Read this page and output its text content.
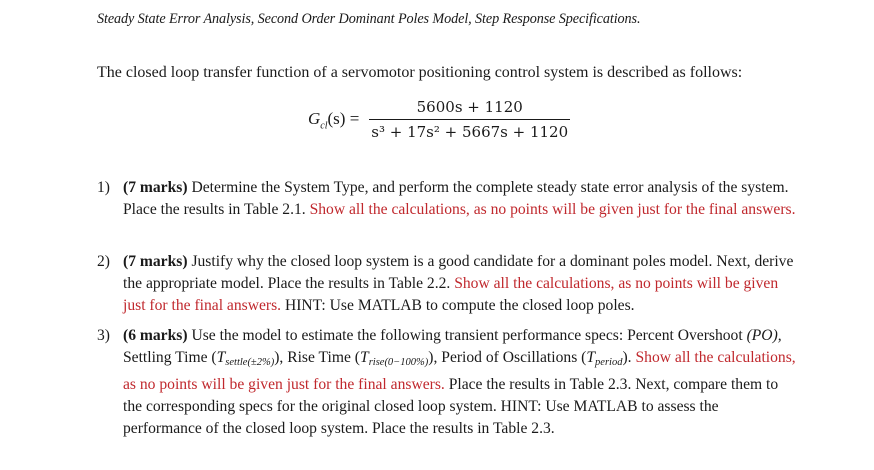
Steady State Error Analysis, Second Order Dominant Poles Model, Step Response Specifications.
The closed loop transfer function of a servomotor positioning control system is described as follows:
$G_{cl}(s) = \frac{5600s + 1120}{\text{s³ + 17s² + 5667s + 1120}}$
1) (7 marks) Determine the System Type, and perform the complete steady state error analysis of the system. Place the results in Table 2.1. Show all the calculations, as no points will be given just for the final answers.
2) (7 marks) Justify why the closed loop system is a good candidate for a dominant poles model. Next, derive the appropriate model. Place the results in Table 2.2. Show all the calculations, as no points will be given just for the final answers. HINT: Use MATLAB to compute the closed loop poles.
3) (6 marks) Use the model to estimate the following transient performance specs: Percent Overshoot (PO), Settling Time $(T_{settle(\pm 2\%)})$, Rise Time $(T_{rise(0-100\%)})$, Period of Oscillations $(T_{period})$. Show all the calculations, as no points will be given just for the final answers. Place the results in Table 2.3. Next, compare them to the corresponding specs for the original closed loop system. HINT: Use MATLAB to assess the performance of the closed loop system. Place the results in Table 2.3.
